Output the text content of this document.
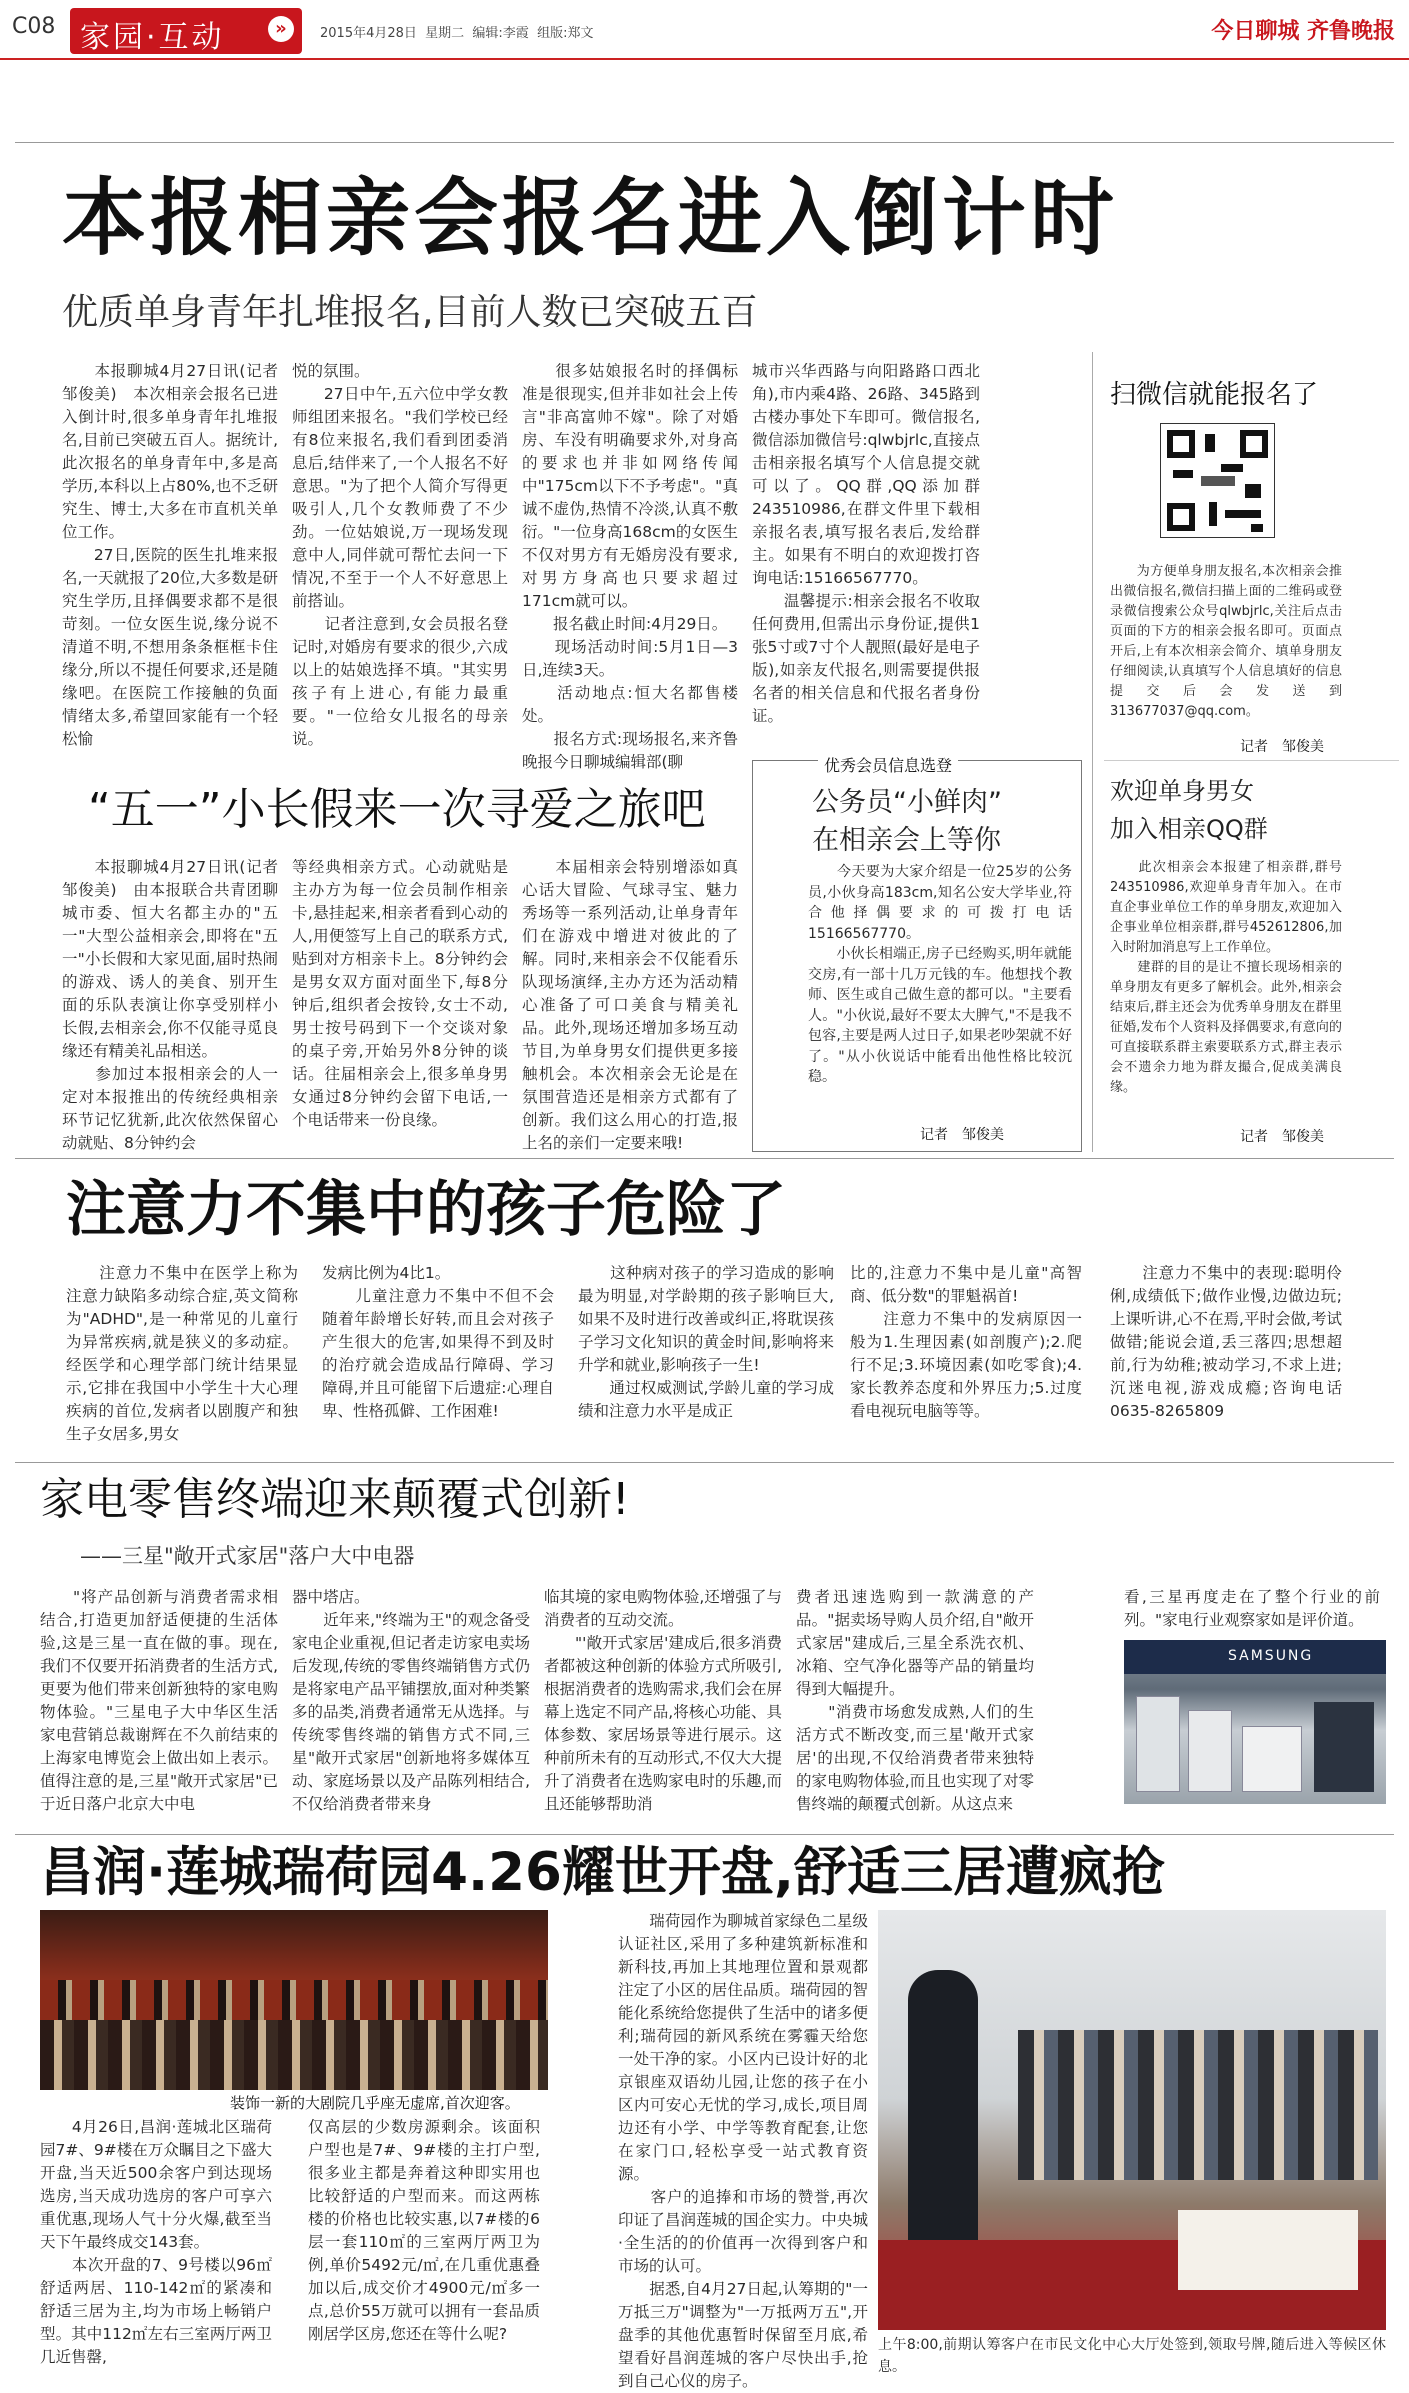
C08 家园·互动	»	2015年4月28日  星期二  编辑:李霞  组版:郑文	今日聊城 齐鲁晚报
本报相亲会报名进入倒计时
优质单身青年扎堆报名,目前人数已突破五百
　　本报聊城4月27日讯(记者 邹俊美)　本次相亲会报名已进入倒计时,很多单身青年扎堆报名,目前已突破五百人。据统计,此次报名的单身青年中,多是高学历,本科以上占80%,也不乏研究生、博士,大多在市直机关单位工作。
　　27日,医院的医生扎堆来报名,一天就报了20位,大多数是研究生学历,且择偶要求都不是很苛刻。一位女医生说,缘分说不清道不明,不想用条条框框卡住缘分,所以不提任何要求,还是随缘吧。在医院工作接触的负面情绪太多,希望回家能有一个轻松愉
悦的氛围。
　　27日中午,五六位中学女教师组团来报名。"我们学校已经有8位来报名,我们看到团委消息后,结伴来了,一个人报名不好意思。"为了把个人简介写得更吸引人,几个女教师费了不少劲。一位姑娘说,万一现场发现意中人,同伴就可帮忙去问一下情况,不至于一个人不好意思上前搭讪。
　　记者注意到,女会员报名登记时,对婚房有要求的很少,六成以上的姑娘选择不填。"其实男孩子有上进心,有能力最重要。"一位给女儿报名的母亲说。
　　很多姑娘报名时的择偶标准是很现实,但并非如社会上传言"非高富帅不嫁"。除了对婚房、车没有明确要求外,对身高的要求也并非如网络传闻中"175cm以下不予考虑"。"真诚不虚伪,热情不冷淡,认真不敷衍。"一位身高168cm的女医生不仅对男方有无婚房没有要求,对男方身高也只要求超过171cm就可以。
　　报名截止时间:4月29日。
　　现场活动时间:5月1日—3日,连续3天。
　　活动地点:恒大名都售楼处。
　　报名方式:现场报名,来齐鲁晚报今日聊城编辑部(聊
城市兴华西路与向阳路路口西北角),市内乘4路、26路、345路到古楼办事处下车即可。微信报名,微信添加微信号:qlwbjrlc,直接点击相亲报名填写个人信息提交就可以了。QQ群,QQ添加群243510986,在群文件里下载相亲报名表,填写报名表后,发给群主。如果有不明白的欢迎拨打咨询电话:15166567770。
　　温馨提示:相亲会报名不收取任何费用,但需出示身份证,提供1张5寸或7寸个人靓照(最好是电子版),如亲友代报名,则需要提供报名者的相关信息和代报名者身份证。
扫微信就能报名了
　　为方便单身朋友报名,本次相亲会推出微信报名,微信扫描上面的二维码或登录微信搜索公众号qlwbjrlc,关注后点击页面的下方的相亲会报名即可。页面点开后,上有本次相亲会简介、填单身朋友仔细阅读,认真填写个人信息填好的信息提交后会发送到313677037@qq.com。
记者　邹俊美
欢迎单身男女
加入相亲QQ群
　　此次相亲会本报建了相亲群,群号243510986,欢迎单身青年加入。在市直企事业单位工作的单身朋友,欢迎加入企事业单位相亲群,群号452612806,加入时附加消息写上工作单位。
　　建群的目的是让不擅长现场相亲的单身朋友有更多了解机会。此外,相亲会结束后,群主还会为优秀单身朋友在群里征婚,发布个人资料及择偶要求,有意向的可直接联系群主索要联系方式,群主表示会不遗余力地为群友撮合,促成美满良缘。
记者　邹俊美
“五一”小长假来一次寻爱之旅吧
　　本报聊城4月27日讯(记者 邹俊美)　由本报联合共青团聊城市委、恒大名都主办的"五一"大型公益相亲会,即将在"五一"小长假和大家见面,届时热闹的游戏、诱人的美食、别开生面的乐队表演让你享受别样小长假,去相亲会,你不仅能寻觅良缘还有精美礼品相送。
　　参加过本报相亲会的人一定对本报推出的传统经典相亲环节记忆犹新,此次依然保留心动就贴、8分钟约会
等经典相亲方式。心动就贴是主办方为每一位会员制作相亲卡,悬挂起来,相亲者看到心动的人,用便签写上自己的联系方式,贴到对方相亲卡上。8分钟约会是男女双方面对面坐下,每8分钟后,组织者会按铃,女士不动,男士按号码到下一个交谈对象的桌子旁,开始另外8分钟的谈话。往届相亲会上,很多单身男女通过8分钟约会留下电话,一个电话带来一份良缘。
　　本届相亲会特别增添如真心话大冒险、气球寻宝、魅力秀场等一系列活动,让单身青年们在游戏中增进对彼此的了解。同时,来相亲会不仅能看乐队现场演绎,主办方还为活动精心准备了可口美食与精美礼品。此外,现场还增加多场互动节目,为单身男女们提供更多接触机会。本次相亲会无论是在氛围营造还是相亲方式都有了创新。我们这么用心的打造,报上名的亲们一定要来哦!
优秀会员信息选登
公务员“小鲜肉”
在相亲会上等你
　　今天要为大家介绍是一位25岁的公务员,小伙身高183cm,知名公安大学毕业,符合他择偶要求的可拨打电话15166567770。
　　小伙长相端正,房子已经购买,明年就能交房,有一部十几万元钱的车。他想找个教师、医生或自己做生意的都可以。"主要看人。"小伙说,最好不要太大脾气,"不是我不包容,主要是两人过日子,如果老吵架就不好了。"从小伙说话中能看出他性格比较沉稳。
记者　邹俊美
注意力不集中的孩子危险了
　　注意力不集中在医学上称为注意力缺陷多动综合症,英文简称为"ADHD",是一种常见的儿童行为异常疾病,就是狭义的多动症。经医学和心理学部门统计结果显示,它排在我国中小学生十大心理疾病的首位,发病者以剧腹产和独生子女居多,男女
发病比例为4比1。
　　儿童注意力不集中不但不会随着年龄增长好转,而且会对孩子产生很大的危害,如果得不到及时的治疗就会造成品行障碍、学习障碍,并且可能留下后遗症:心理自卑、性格孤僻、工作困难!
　　这种病对孩子的学习造成的影响最为明显,对学龄期的孩子影响巨大,如果不及时进行改善或纠正,将耽误孩子学习文化知识的黄金时间,影响将来升学和就业,影响孩子一生!
　　通过权威测试,学龄儿童的学习成绩和注意力水平是成正
比的,注意力不集中是儿童"高智商、低分数"的罪魁祸首!
　　注意力不集中的发病原因一般为1.生理因素(如剖腹产);2.爬行不足;3.环境因素(如吃零食);4.家长教养态度和外界压力;5.过度看电视玩电脑等等。
　　注意力不集中的表现:聪明伶俐,成绩低下;做作业慢,边做边玩;上课听讲,心不在焉,平时会做,考试做错;能说会道,丢三落四;思想超前,行为幼稚;被动学习,不求上进;沉迷电视,游戏成瘾;咨询电话0635-8265809
家电零售终端迎来颠覆式创新!
——三星"敞开式家居"落户大中电器
　　"将产品创新与消费者需求相结合,打造更加舒适便捷的生活体验,这是三星一直在做的事。现在,我们不仅要开拓消费者的生活方式,更要为他们带来创新独特的家电购物体验。"三星电子大中华区生活家电营销总裁谢辉在不久前结束的上海家电博览会上做出如上表示。值得注意的是,三星"敞开式家居"已于近日落户北京大中电
器中塔店。
　　近年来,"终端为王"的观念备受家电企业重视,但记者走访家电卖场后发现,传统的零售终端销售方式仍是将家电产品平铺摆放,面对种类繁多的品类,消费者通常无从选择。与传统零售终端的销售方式不同,三星"敞开式家居"创新地将多媒体互动、家庭场景以及产品陈列相结合,不仅给消费者带来身
临其境的家电购物体验,还增强了与消费者的互动交流。
　　"'敞开式家居'建成后,很多消费者都被这种创新的体验方式所吸引,根据消费者的选购需求,我们会在屏幕上选定不同产品,将核心功能、具体参数、家居场景等进行展示。这种前所未有的互动形式,不仅大大提升了消费者在选购家电时的乐趣,而且还能够帮助消
费者迅速选购到一款满意的产品。"据卖场导购人员介绍,自"敞开式家居"建成后,三星全系洗衣机、冰箱、空气净化器等产品的销量均得到大幅提升。
　　"消费市场愈发成熟,人们的生活方式不断改变,而三星'敞开式家居'的出现,不仅给消费者带来独特的家电购物体验,而且也实现了对零售终端的颠覆式创新。从这点来
看,三星再度走在了整个行业的前列。"家电行业观察家如是评价道。
SAMSUNG
昌润·莲城瑞荷园4.26耀世开盘,舒适三居遭疯抢
装饰一新的大剧院几乎座无虚席,首次迎客。
　　4月26日,昌润·莲城北区瑞荷园7#、9#楼在万众瞩目之下盛大开盘,当天近500余客户到达现场选房,当天成功选房的客户可享六重优惠,现场人气十分火爆,截至当天下午最终成交143套。
　　本次开盘的7、9号楼以96㎡舒适两居、110-142㎡的紧凑和舒适三居为主,均为市场上畅销户型。其中112㎡左右三室两厅两卫几近售罄,
仅高层的少数房源剩余。该面积户型也是7#、9#楼的主打户型,很多业主都是奔着这种即实用也比较舒适的户型而来。而这两栋楼的价格也比较实惠,以7#楼的6层一套110㎡的三室两厅两卫为例,单价5492元/㎡,在几重优惠叠加以后,成交价才4900元/㎡多一点,总价55万就可以拥有一套品质刚居学区房,您还在等什么呢?
　　瑞荷园作为聊城首家绿色二星级认证社区,采用了多种建筑新标准和新科技,再加上其地理位置和景观都注定了小区的居住品质。瑞荷园的智能化系统给您提供了生活中的诸多便利;瑞荷园的新风系统在雾霾天给您一处干净的家。小区内已设计好的北京银座双语幼儿园,让您的孩子在小区内可安心无忧的学习,成长,项目周边还有小学、中学等教育配套,让您在家门口,轻松享受一站式教育资源。
　　客户的追捧和市场的赞誉,再次印证了昌润莲城的国企实力。中央城·全生活的的价值再一次得到客户和市场的认可。
　　据悉,自4月27日起,认筹期的"一万抵三万"调整为"一万抵两万五",开盘季的其他优惠暂时保留至月底,希望看好昌润莲城的客户尽快出手,抢到自己心仪的房子。
上午8:00,前期认筹客户在市民文化中心大厅处签到,领取号牌,随后进入等候区休息。
